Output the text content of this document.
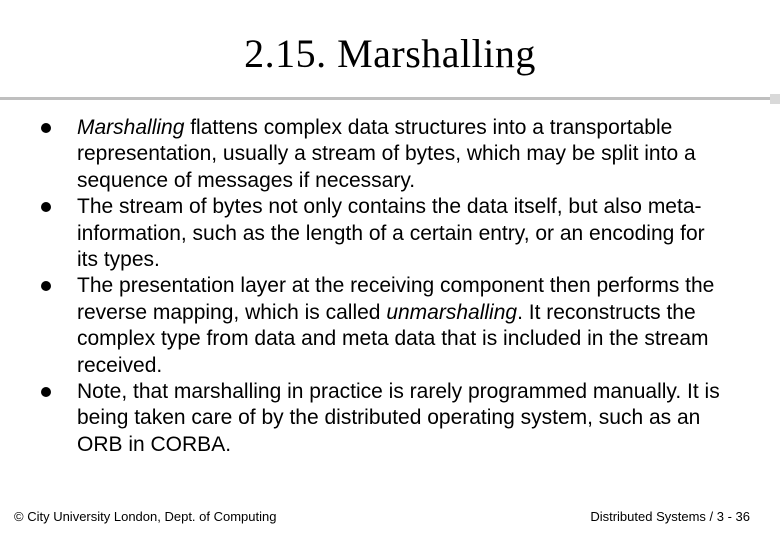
2.15. Marshalling
Marshalling flattens complex data structures into a transportable representation, usually a stream of bytes, which may be split into a sequence of messages if necessary.
The stream of bytes not only contains the data itself, but also meta-information, such as the length of a certain entry, or an encoding for its types.
The presentation layer at the receiving component then performs the reverse mapping, which is called unmarshalling. It reconstructs the complex type from data and meta data that is included in the stream received.
Note, that marshalling in practice is rarely programmed manually. It is being taken care of by the distributed operating system, such as an ORB in CORBA.
© City University London, Dept. of Computing	Distributed Systems / 3 - 36
